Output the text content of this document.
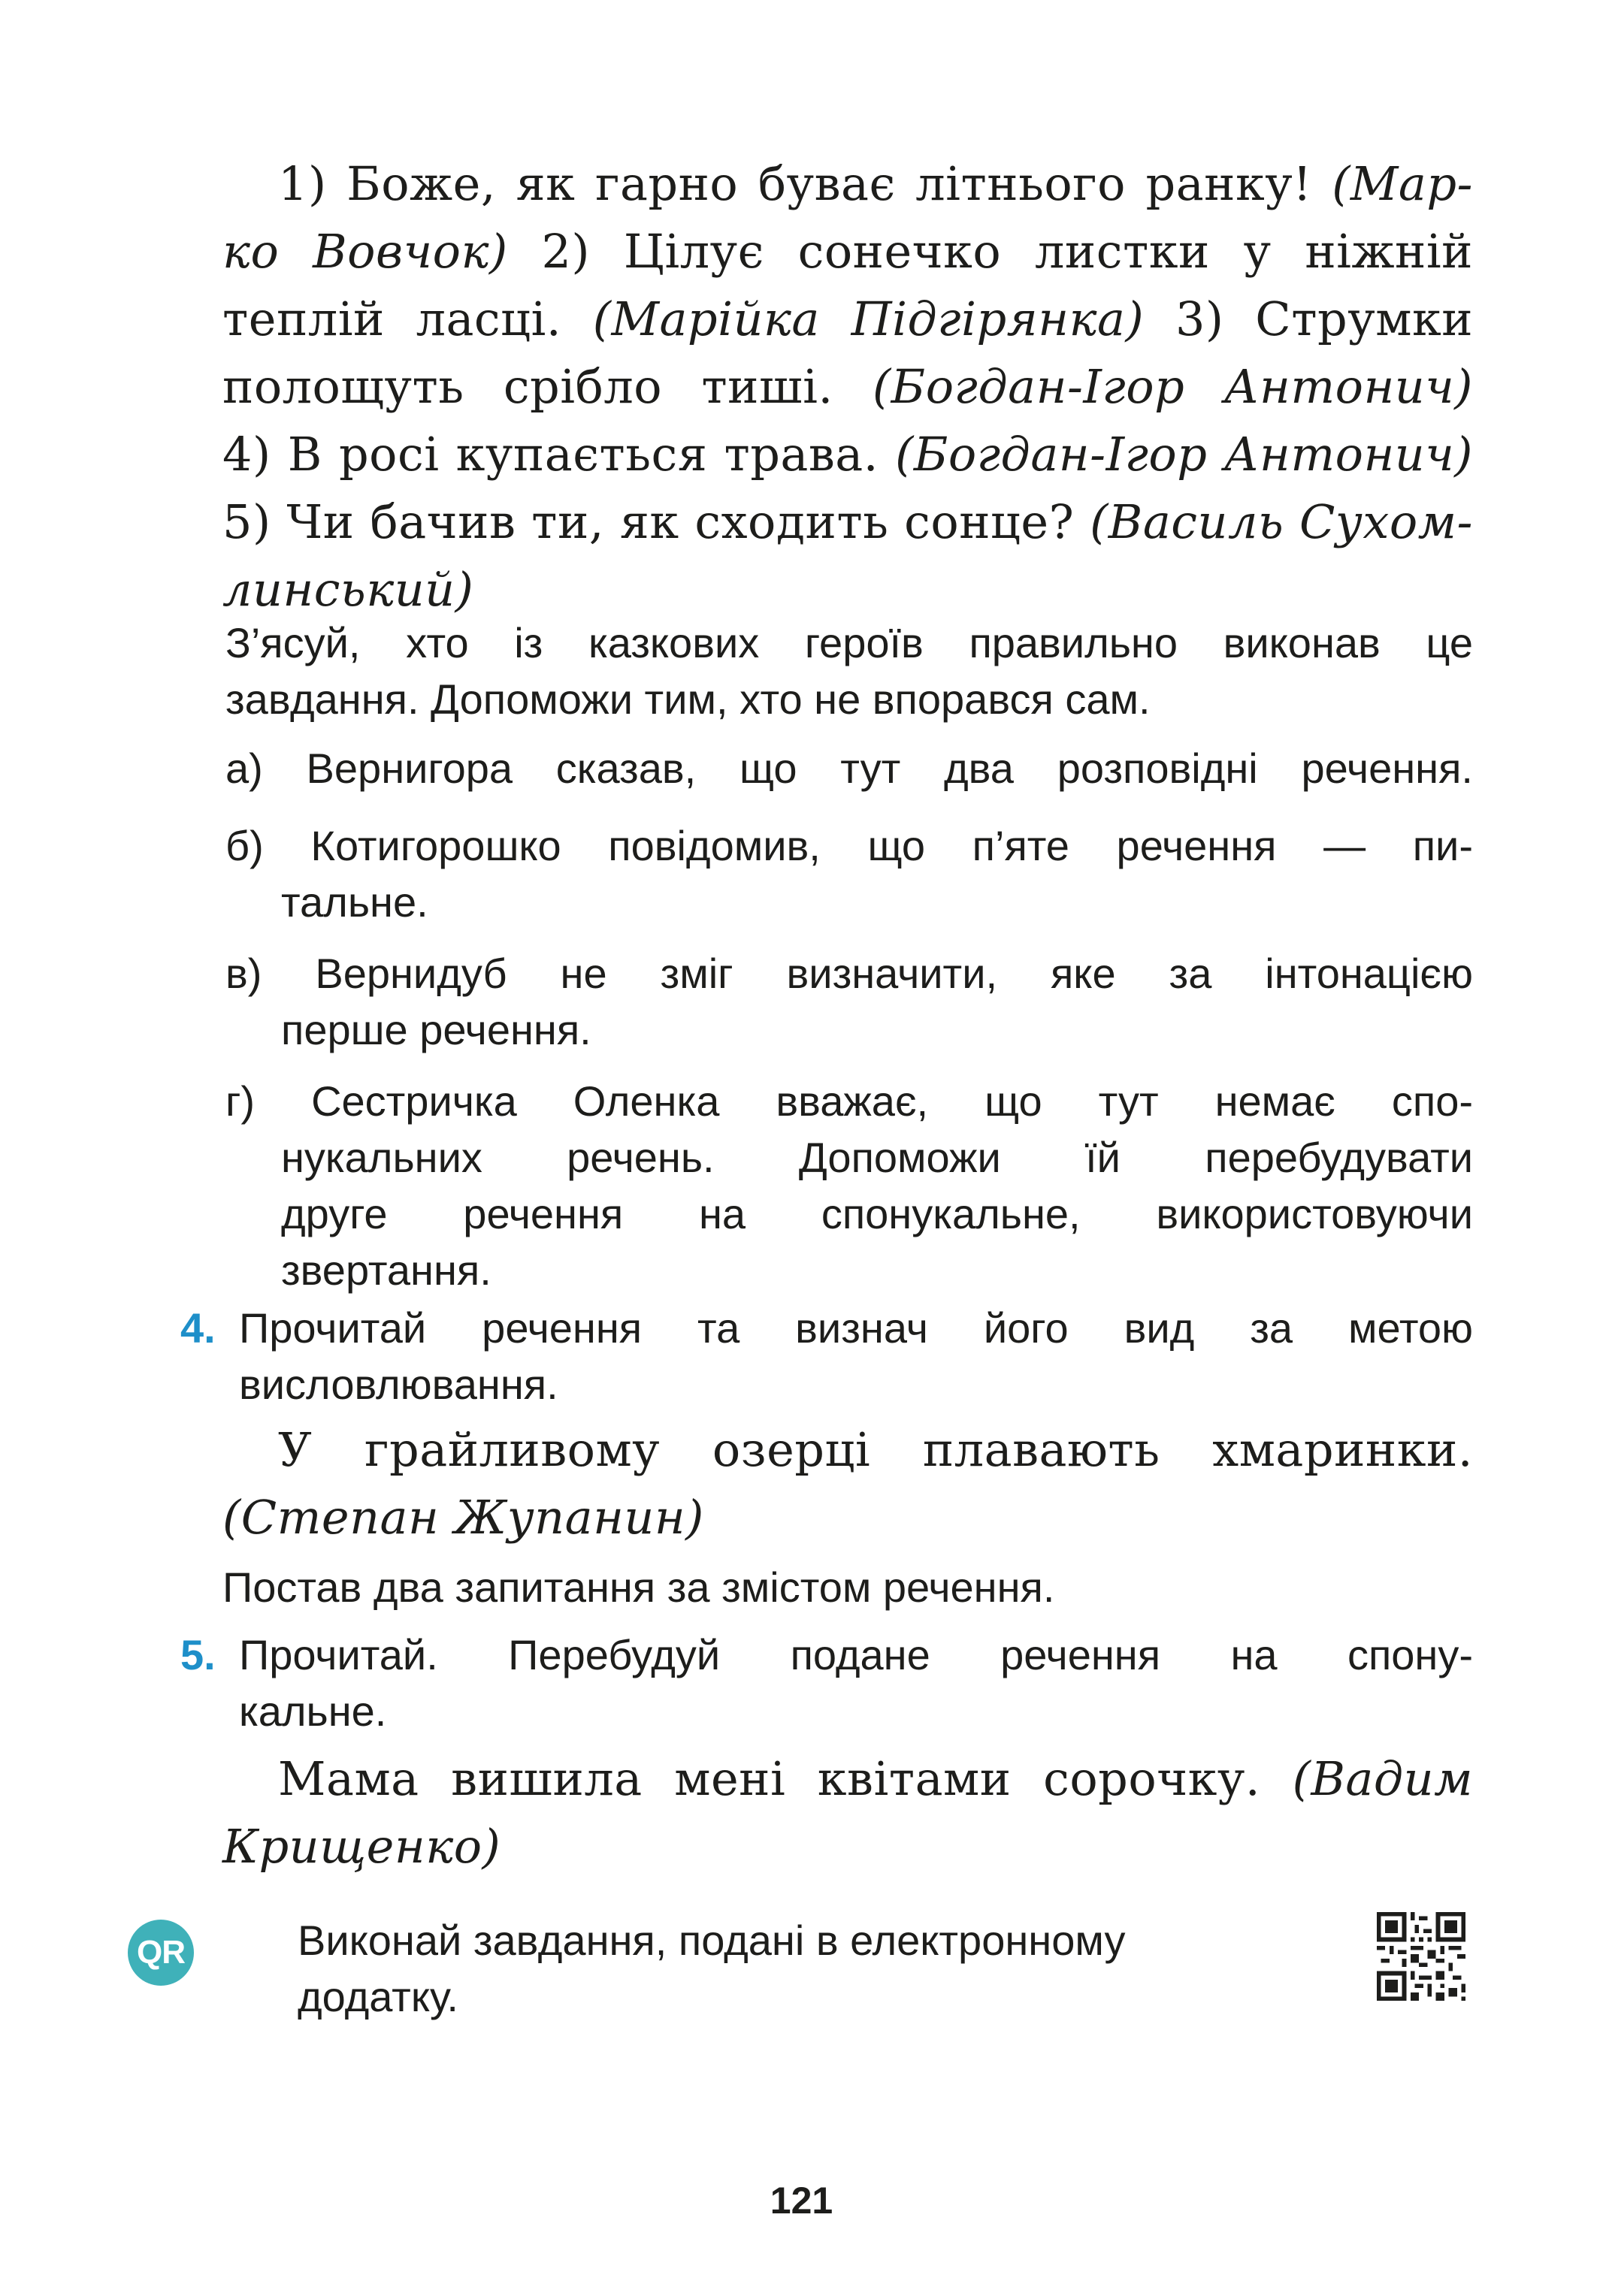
1) Боже, як гарно буває літнього ранку! (Мар-
ко Вовчок) 2) Цілує сонечко листки у ніжній
теплій ласці. (Марійка Підгірянка) 3) Струмки
полощуть срібло тиші. (Богдан-Ігор Антонич)
4) В росі купається трава. (Богдан-Ігор Антонич)
5) Чи бачив ти, як сходить сонце? (Василь Сухом-
линський)
З’ясуй, хто із казкових героїв правильно виконав це
завдання. Допоможи тим, хто не впорався сам.
а) Вернигора сказав, що тут два розповідні речення.
б) Котигорошко повідомив, що п’яте речення — пи-
тальне.
в) Вернидуб не зміг визначити, яке за інтонацією
перше речення.
г) Сестричка Оленка вважає, що тут немає спо-
нукальних речень. Допоможи їй перебудувати
друге речення на спонукальне, використовуючи
звертання.
4. Прочитай речення та визнач його вид за метою
висловлювання.
У грайливому озерці плавають хмаринки.
(Степан Жупанин)
Постав два запитання за змістом речення.
5. Прочитай. Перебудуй подане речення на спону-
кальне.
Мама вишила мені квітами сорочку. (Вадим
Крищенко)
QR	Виконай завдання, подані в електронному
додатку.
121
